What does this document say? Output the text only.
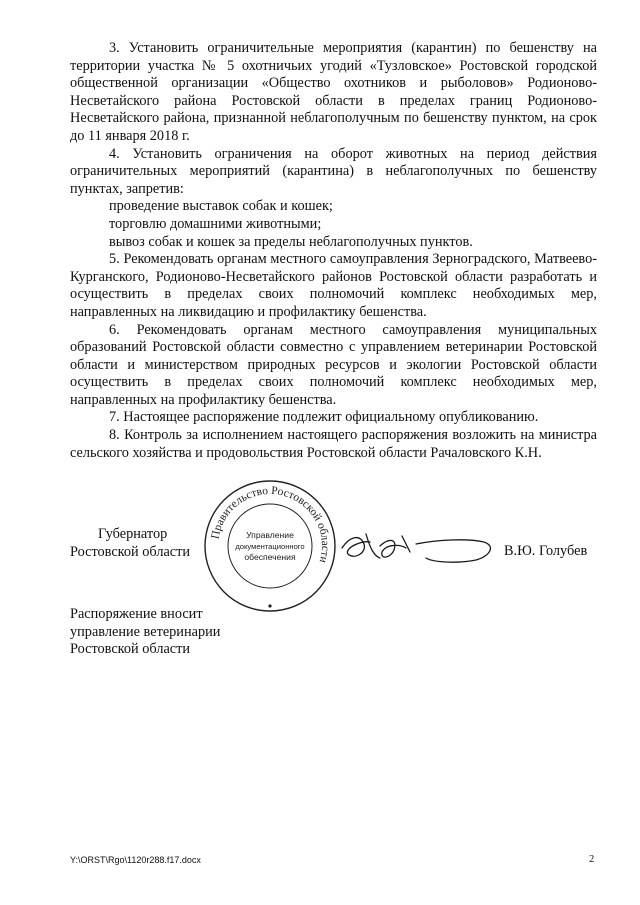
3. Установить ограничительные мероприятия (карантин) по бешенству на территории участка № 5 охотничьих угодий «Тузловское» Ростовской городской общественной организации «Общество охотников и рыболовов» Родионово-Несветайского района Ростовской области в пределах границ Родионово-Несветайского района, признанной неблагополучным по бешенству пунктом, на срок до 11 января 2018 г.

4. Установить ограничения на оборот животных на период действия ограничительных мероприятий (карантина) в неблагополучных по бешенству пунктах, запретив:

проведение выставок собак и кошек;

торговлю домашними животными;

вывоз собак и кошек за пределы неблагополучных пунктов.

5. Рекомендовать органам местного самоуправления Зерноградского, Матвеево-Курганского, Родионово-Несветайского районов Ростовской области разработать и осуществить в пределах своих полномочий комплекс необходимых мер, направленных на ликвидацию и профилактику бешенства.

6. Рекомендовать органам местного самоуправления муниципальных образований Ростовской области совместно с управлением ветеринарии Ростовской области и министерством природных ресурсов и экологии Ростовской области осуществить в пределах своих полномочий комплекс необходимых мер, направленных на профилактику бешенства.

7. Настоящее распоряжение подлежит официальному опубликованию.

8. Контроль за исполнением настоящего распоряжения возложить на министра сельского хозяйства и продовольствия Ростовской области Рачаловского К.Н.

Губернатор
Ростовской области
Правительство Ростовской области
Управление
документационного
обеспечения	В.Ю. Голубев
Распоряжение вносит
управление ветеринарии
Ростовской области
Y:\ORST\Rgo\1120r288.f17.docx	2
